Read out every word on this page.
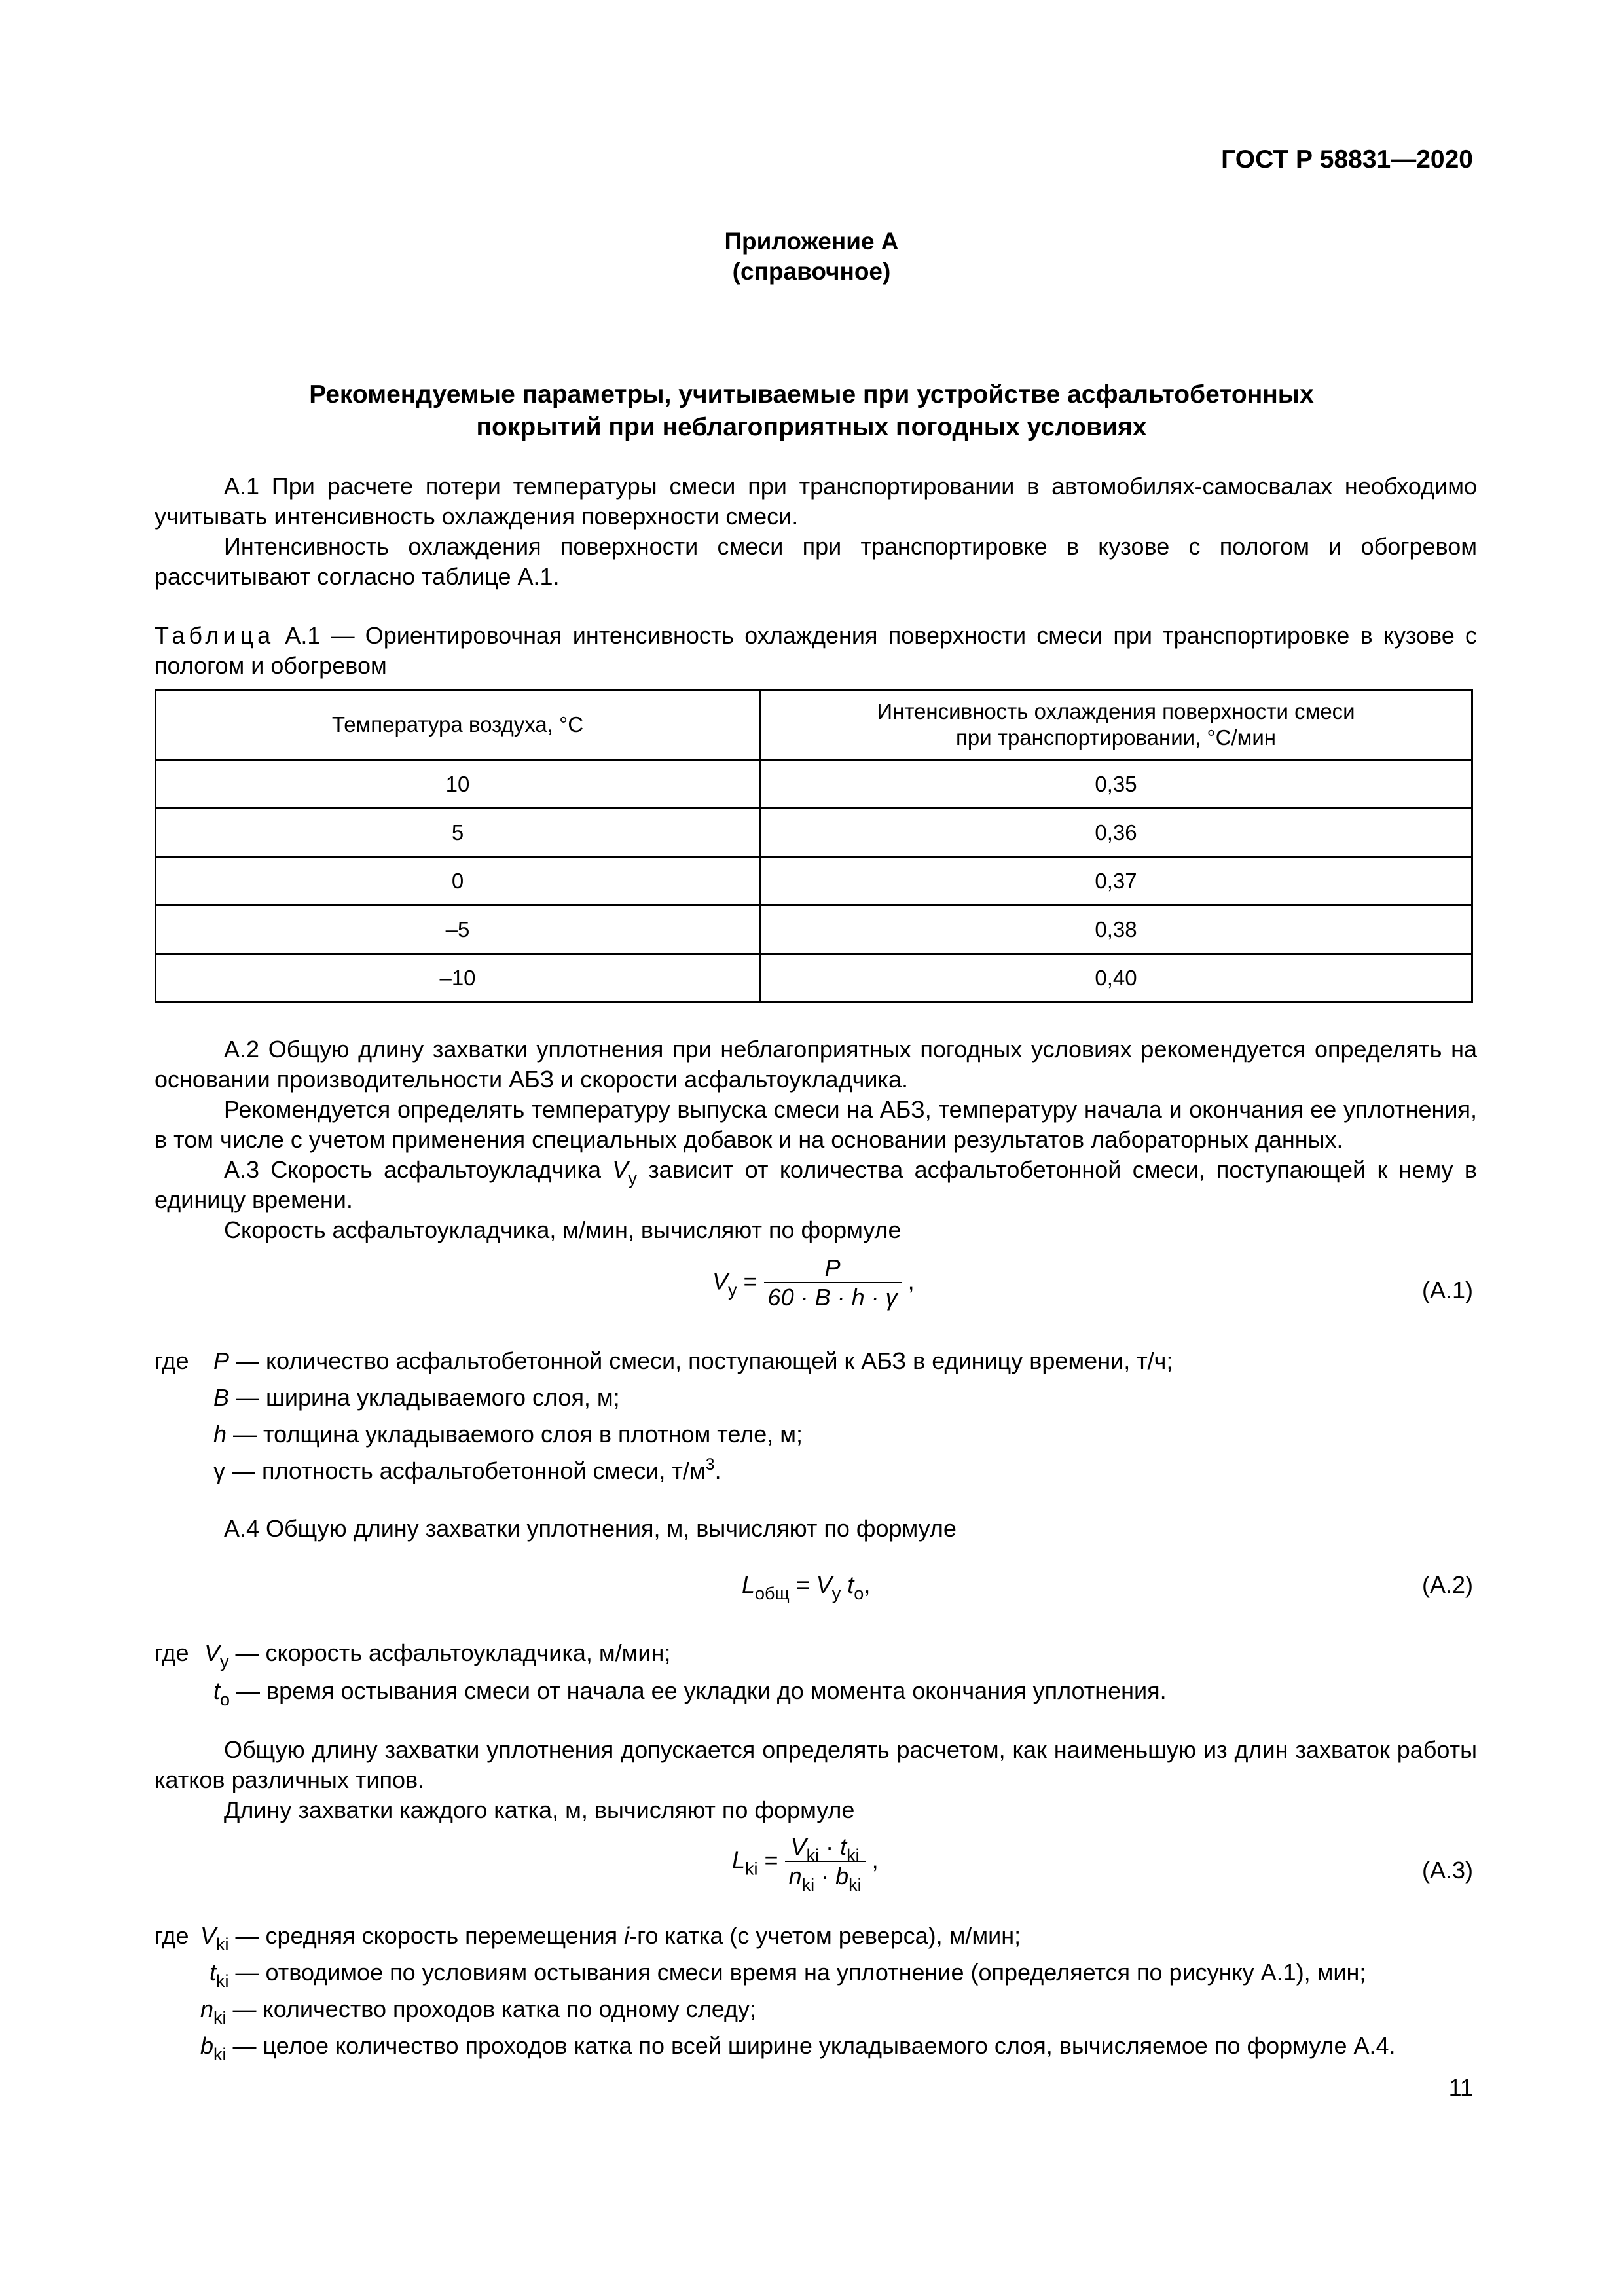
ГОСТ Р 58831—2020
Приложение А
(справочное)
Рекомендуемые параметры, учитываемые при устройстве асфальтобетонных
покрытий при неблагоприятных погодных условиях

А.1 При расчете потери температуры смеси при транспортировании в автомобилях-самосвалах необходимо учитывать интенсивность охлаждения поверхности смеси.

Интенсивность охлаждения поверхности смеси при транспортировке в кузове с пологом и обогревом рассчитывают согласно таблице А.1.

Таблица А.1 — Ориентировочная интенсивность охлаждения поверхности смеси при транспортировке в кузове с пологом и обогревом

Температура воздуха, °С	Интенсивность охлаждения поверхности смеси
при транспортировании, °С/мин
10	0,35
5	0,36
0	0,37
–5	0,38
–10	0,40

А.2 Общую длину захватки уплотнения при неблагоприятных погодных условиях рекомендуется определять на основании производительности АБЗ и скорости асфальтоукладчика.

Рекомендуется определять температуру выпуска смеси на АБЗ, температуру начала и окончания ее уплотнения, в том числе с учетом применения специальных добавок и на основании результатов лабораторных данных.

А.3 Скорость асфальтоукладчика $V_у$ зависит от количества асфальтобетонной смеси, поступающей к нему в единицу времени.

Скорость асфальтоукладчика, м/мин, вычисляют по формуле

$V_у = \frac{P}{60 \cdot B \cdot h \cdot \gamma}$ ,	(А.1)
где P — количество асфальтобетонной смеси, поступающей к АБЗ в единицу времени, т/ч;
B — ширина укладываемого слоя, м;
h — толщина укладываемого слоя в плотном теле, м;
γ — плотность асфальтобетонной смеси, $т/м^3$.

А.4 Общую длину захватки уплотнения, м, вычисляют по формуле

$L_{общ} = V_у$ $t_о$,	(А.2)
где $V_у$ — скорость асфальтоукладчика, м/мин;
$t_о$ — время остывания смеси от начала ее укладки до момента окончания уплотнения.

Общую длину захватки уплотнения допускается определять расчетом, как наименьшую из длин захваток работы катков различных типов.

Длину захватки каждого катка, м, вычисляют по формуле

$L_{ki} = \frac{V_{ki} \cdot t_{ki}}{n_{ki} \cdot b_{ki}}$ ,	(А.3)
где $V_{ki}$ — средняя скорость перемещения i-го катка (с учетом реверса), м/мин;
$t_{ki}$ — отводимое по условиям остывания смеси время на уплотнение (определяется по рисунку А.1), мин;
$n_{ki}$ — количество проходов катка по одному следу;
$b_{ki}$ — целое количество проходов катка по всей ширине укладываемого слоя, вычисляемое по формуле А.4.
11
